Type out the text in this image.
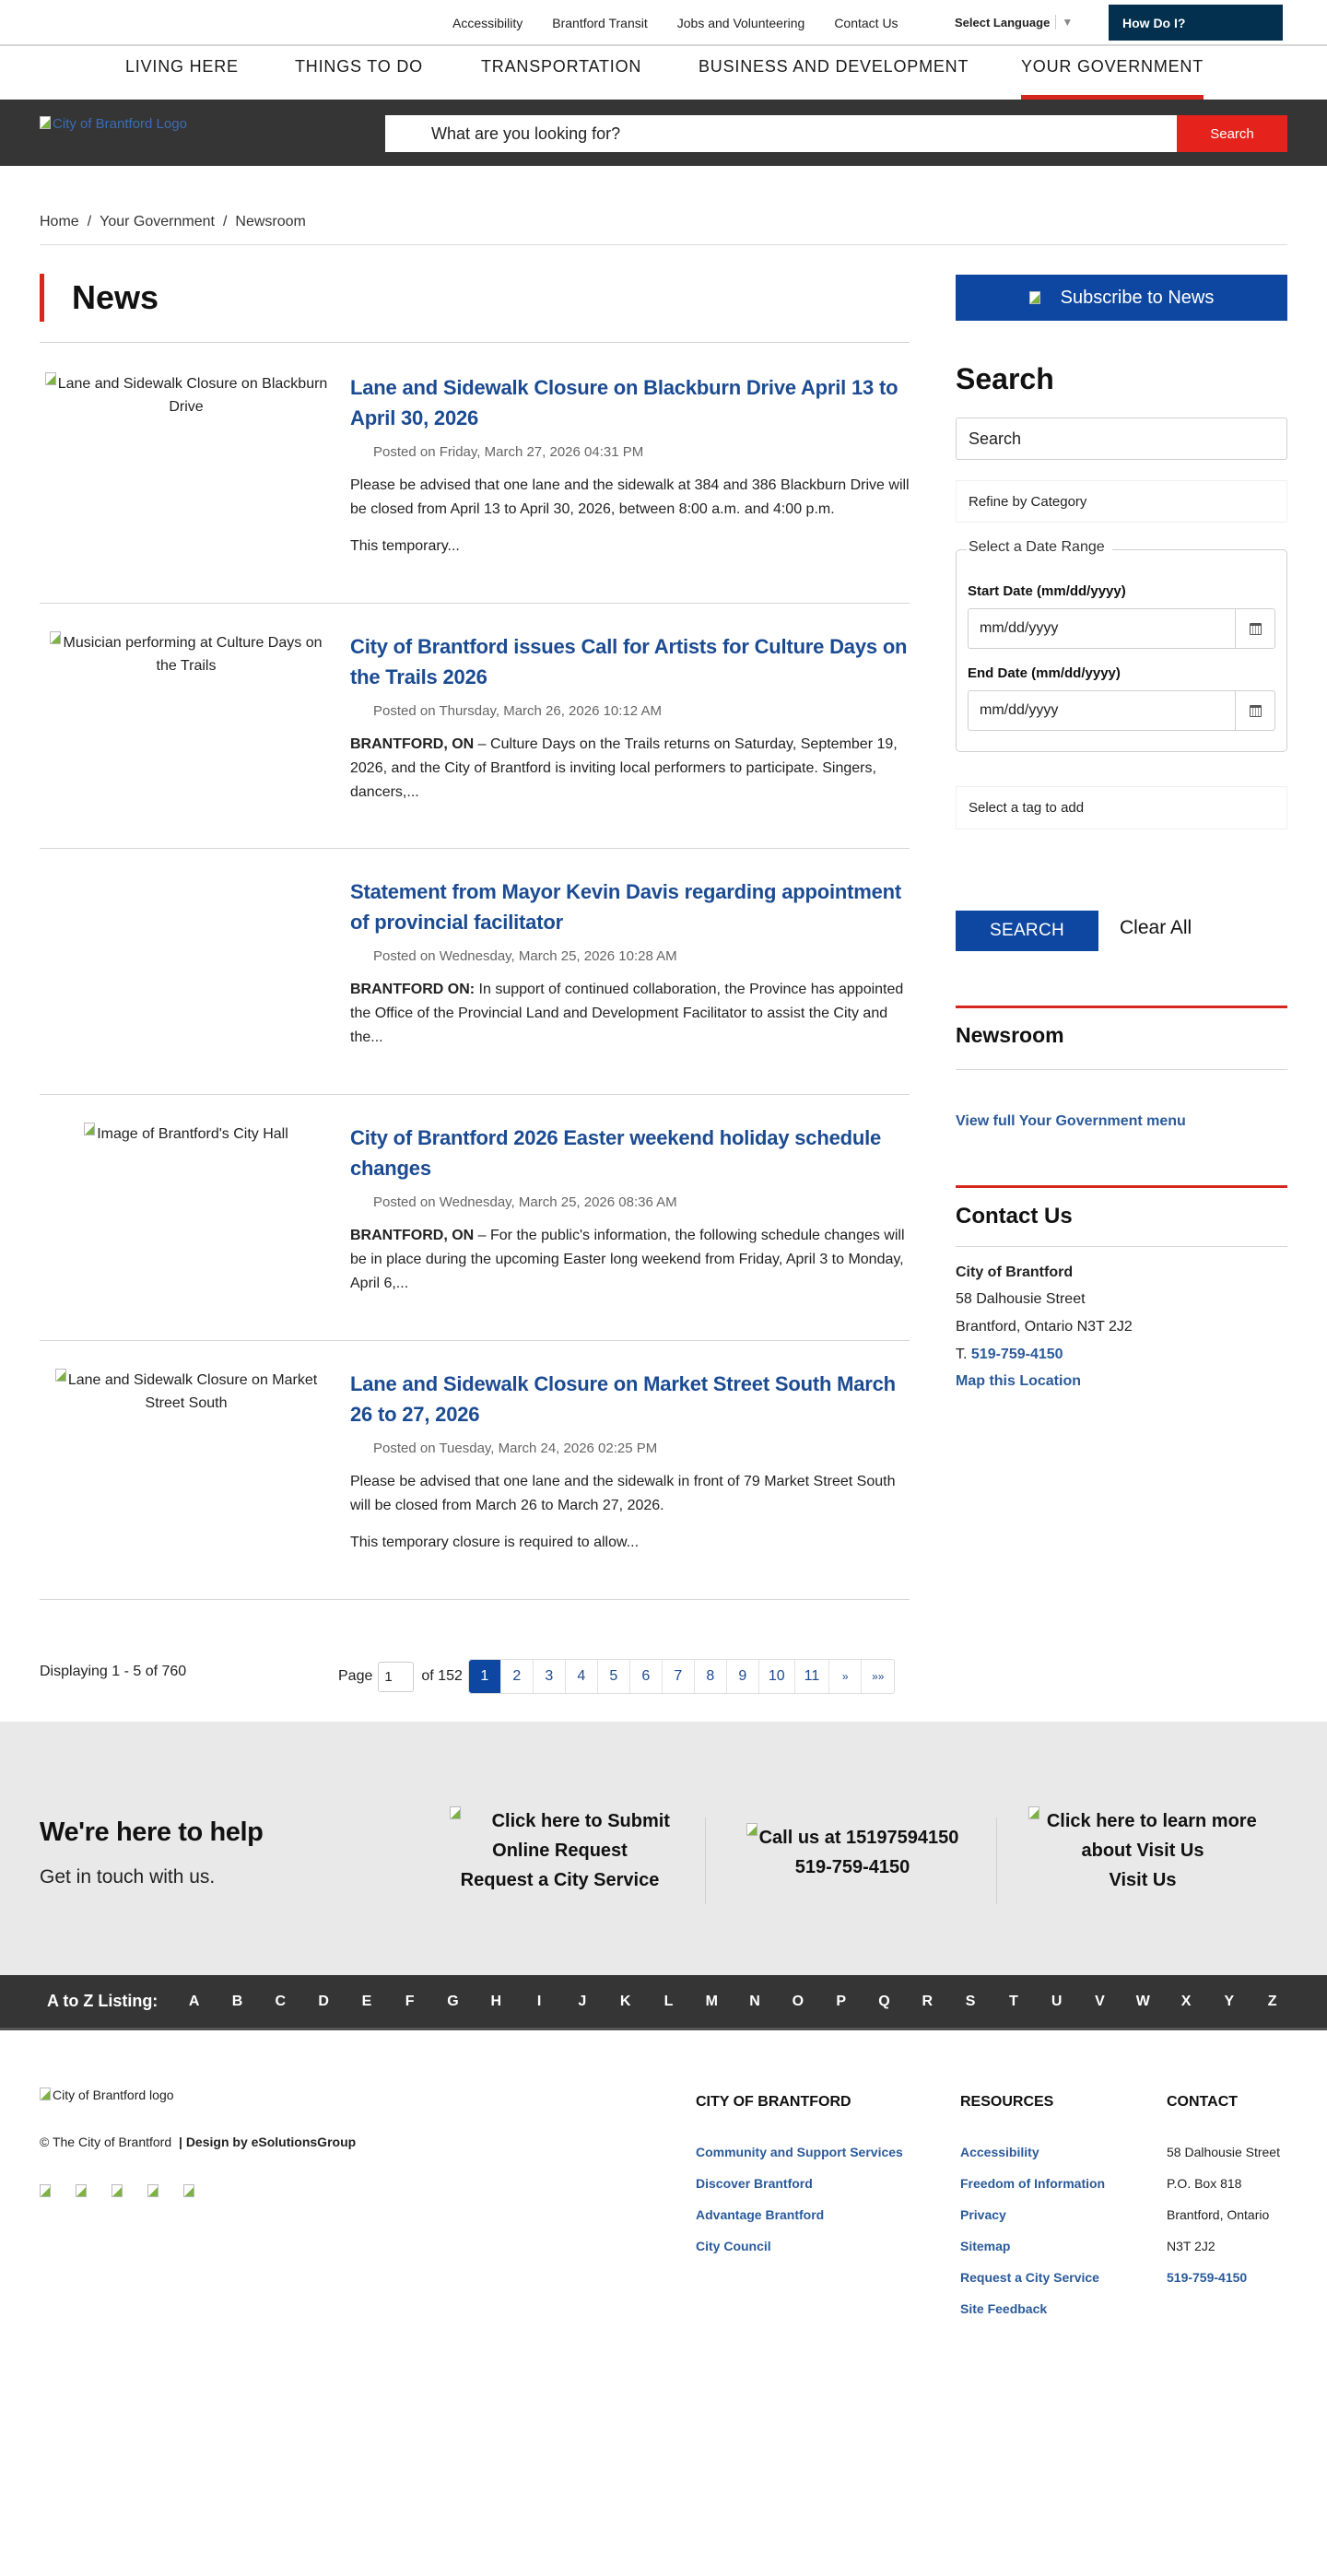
Accessibility Brantford Transit Jobs and Volunteering Contact Us	Select Language ▼	How Do I?
LIVING HERE	THINGS TO DO	TRANSPORTATION	BUSINESS AND DEVELOPMENT	YOUR GOVERNMENT
City of Brantford Logo	What are you looking for?	Search
Home / Your Government / Newsroom
News
Lane and Sidewalk Closure on Blackburn Drive
Lane and Sidewalk Closure on Blackburn Drive April 13 to April 30, 2026
Posted on Friday, March 27, 2026 04:31 PM

Please be advised that one lane and the sidewalk at 384 and 386 Blackburn Drive will be closed from April 13 to April 30, 2026, between 8:00 a.m. and 4:00 p.m.

This temporary...

Musician performing at Culture Days on the Trails
City of Brantford issues Call for Artists for Culture Days on the Trails 2026
Posted on Thursday, March 26, 2026 10:12 AM

BRANTFORD, ON – Culture Days on the Trails returns on Saturday, September 19, 2026, and the City of Brantford is inviting local performers to participate. Singers, dancers,...

Statement from Mayor Kevin Davis regarding appointment of provincial facilitator
Posted on Wednesday, March 25, 2026 10:28 AM

BRANTFORD ON: In support of continued collaboration, the Province has appointed the Office of the Provincial Land and Development Facilitator to assist the City and the...

Image of Brantford's City Hall	City of Brantford 2026 Easter weekend holiday schedule changes
Posted on Wednesday, March 25, 2026 08:36 AM

BRANTFORD, ON – For the public's information, the following schedule changes will be in place during the upcoming Easter long weekend from Friday, April 3 to Monday, April 6,...

Lane and Sidewalk Closure on Market Street South
Lane and Sidewalk Closure on Market Street South March 26 to 27, 2026
Posted on Tuesday, March 24, 2026 02:25 PM

Please be advised that one lane and the sidewalk in front of 79 Market Street South will be closed from March 26 to March 27, 2026.

This temporary closure is required to allow...

Displaying 1 - 5 of 760	Page 1	of 152	1	2	3	4	5	6	7	8	9	10	11	»	»»
Subscribe to News
Search
Search
Refine by Category
Select a Date Range
Start Date (mm/dd/yyyy)
mm/dd/yyyy
End Date (mm/dd/yyyy)
mm/dd/yyyy
Select a tag to add
SEARCH	Clear All
Newsroom
View full Your Government menu
Contact Us
City of Brantford
58 Dalhousie Street
Brantford, Ontario N3T 2J2
T. 519-759-4150
Map this Location
We're here to help
Get in touch with us.
Click here to Submit Online Request
Request a City Service
Call us at 15197594150
519-759-4150
Click here to learn more about Visit Us
Visit Us
A to Z Listing:	A	B	C	D	E	F	G	H	I	J	K	L	M	N	O	P	Q	R	S	T	U	V	W	X	Y	Z
City of Brantford logo
© The City of Brantford | Design by eSolutionsGroup
CITY OF BRANTFORD
Community and Support Services
Discover Brantford
Advantage Brantford
City Council
RESOURCES
Accessibility
Freedom of Information
Privacy
Sitemap
Request a City Service
Site Feedback
CONTACT
58 Dalhousie Street
P.O. Box 818
Brantford, Ontario
N3T 2J2
519-759-4150
